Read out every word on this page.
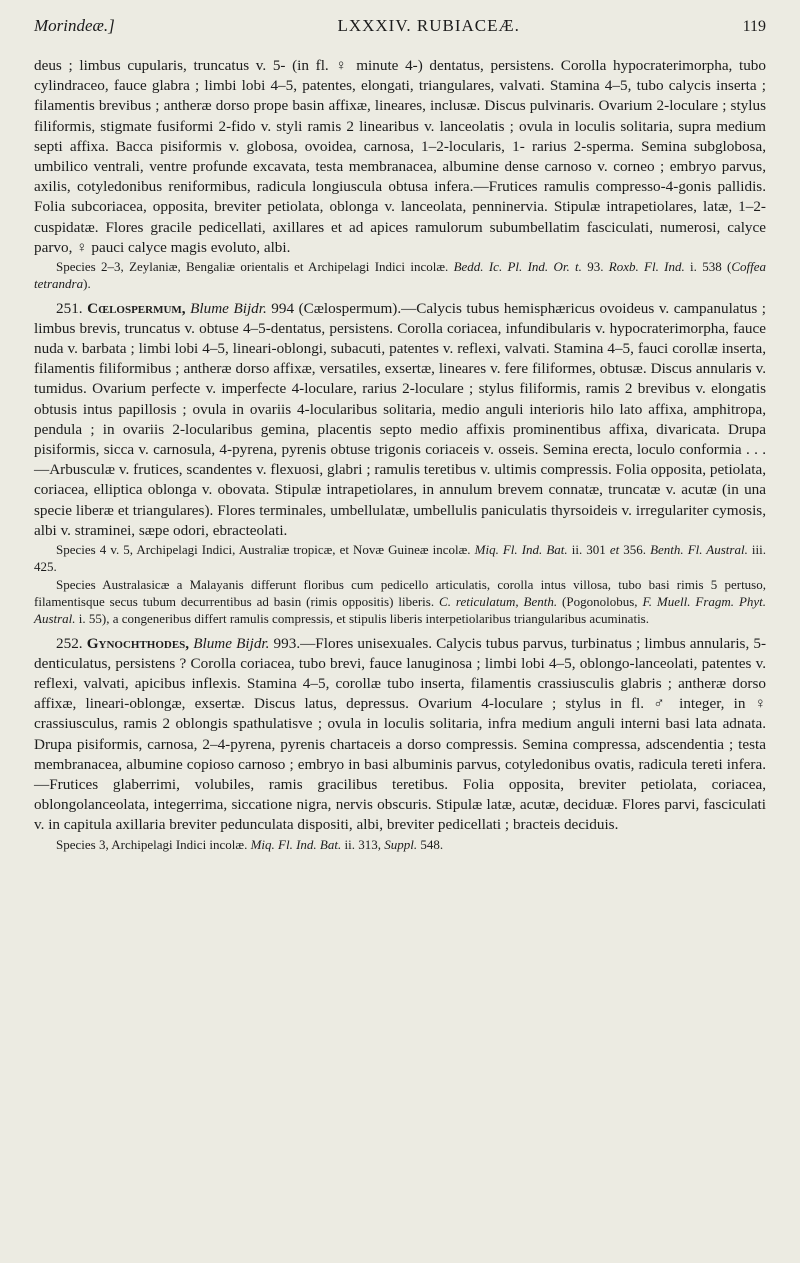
Morindeæ.]	LXXXIV. RUBIACEÆ.	119

deus ; limbus cupularis, truncatus v. 5- (in fl. ♀ minute 4-) dentatus, persistens. Corolla hypocraterimorpha, tubo cylindraceo, fauce glabra ; limbi lobi 4–5, patentes, elongati, triangulares, valvati. Stamina 4–5, tubo calycis inserta ; filamentis brevibus ; antheræ dorso prope basin affixæ, lineares, inclusæ. Discus pulvinaris. Ovarium 2-loculare ; stylus filiformis, stigmate fusiformi 2-fido v. styli ramis 2 linearibus v. lanceolatis ; ovula in loculis solitaria, supra medium septi affixa. Bacca pisiformis v. globosa, ovoidea, carnosa, 1–2-locularis, 1- rarius 2-sperma. Semina subglobosa, umbilico ventrali, ventre profunde excavata, testa membranacea, albumine dense carnoso v. corneo ; embryo parvus, axilis, cotyledonibus reniformibus, radicula longiuscula obtusa infera.—Frutices ramulis compresso-4-gonis pallidis. Folia subcoriacea, opposita, breviter petiolata, oblonga v. lanceolata, penninervia. Stipulæ intrapetiolares, latæ, 1–2-cuspidatæ. Flores gracile pedicellati, axillares et ad apices ramulorum subumbellatim fasciculati, numerosi, calyce parvo, ♀ pauci calyce magis evoluto, albi.

Species 2–3, Zeylaniæ, Bengaliæ orientalis et Archipelagi Indici incolæ. Bedd. Ic. Pl. Ind. Or. t. 93. Roxb. Fl. Ind. i. 538 (Coffea tetrandra).

251. Cœlospermum, Blume Bijdr. 994 (Cælospermum).—Calycis tubus hemisphæricus ovoideus v. campanulatus ; limbus brevis, truncatus v. obtuse 4–5-dentatus, persistens. Corolla coriacea, infundibularis v. hypocraterimorpha, fauce nuda v. barbata ; limbi lobi 4–5, lineari-oblongi, subacuti, patentes v. reflexi, valvati. Stamina 4–5, fauci corollæ inserta, filamentis filiformibus ; antheræ dorso affixæ, versatiles, exsertæ, lineares v. fere filiformes, obtusæ. Discus annularis v. tumidus. Ovarium perfecte v. imperfecte 4-loculare, rarius 2-loculare ; stylus filiformis, ramis 2 brevibus v. elongatis obtusis intus papillosis ; ovula in ovariis 4-locularibus solitaria, medio anguli interioris hilo lato affixa, amphitropa, pendula ; in ovariis 2-locularibus gemina, placentis septo medio affixis prominentibus affixa, divaricata. Drupa pisiformis, sicca v. carnosula, 4-pyrena, pyrenis obtuse trigonis coriaceis v. osseis. Semina erecta, loculo conformia . . .—Arbusculæ v. frutices, scandentes v. flexuosi, glabri ; ramulis teretibus v. ultimis compressis. Folia opposita, petiolata, coriacea, elliptica oblonga v. obovata. Stipulæ intrapetiolares, in annulum brevem connatæ, truncatæ v. acutæ (in una specie liberæ et triangulares). Flores terminales, umbellulatæ, umbellulis paniculatis thyrsoideis v. irregulariter cymosis, albi v. straminei, sæpe odori, ebracteolati.

Species 4 v. 5, Archipelagi Indici, Australiæ tropicæ, et Novæ Guineæ incolæ. Miq. Fl. Ind. Bat. ii. 301 et 356. Benth. Fl. Austral. iii. 425.

Species Australasicæ a Malayanis differunt floribus cum pedicello articulatis, corolla intus villosa, tubo basi rimis 5 pertuso, filamentisque secus tubum decurrentibus ad basin (rimis oppositis) liberis. C. reticulatum, Benth. (Pogonolobus, F. Muell. Fragm. Phyt. Austral. i. 55), a congeneribus differt ramulis compressis, et stipulis liberis interpetiolaribus triangularibus acuminatis.

252. Gynochthodes, Blume Bijdr. 993.—Flores unisexuales. Calycis tubus parvus, turbinatus ; limbus annularis, 5-denticulatus, persistens ? Corolla coriacea, tubo brevi, fauce lanuginosa ; limbi lobi 4–5, oblongo-lanceolati, patentes v. reflexi, valvati, apicibus inflexis. Stamina 4–5, corollæ tubo inserta, filamentis crassiusculis glabris ; antheræ dorso affixæ, lineari-oblongæ, exsertæ. Discus latus, depressus. Ovarium 4-loculare ; stylus in fl. ♂ integer, in ♀ crassiusculus, ramis 2 oblongis spathulatisve ; ovula in loculis solitaria, infra medium anguli interni basi lata adnata. Drupa pisiformis, carnosa, 2–4-pyrena, pyrenis chartaceis a dorso compressis. Semina compressa, adscendentia ; testa membranacea, albumine copioso carnoso ; embryo in basi albuminis parvus, cotyledonibus ovatis, radicula tereti infera.—Frutices glaberrimi, volubiles, ramis gracilibus teretibus. Folia opposita, breviter petiolata, coriacea, oblongolanceolata, integerrima, siccatione nigra, nervis obscuris. Stipulæ latæ, acutæ, deciduæ. Flores parvi, fasciculati v. in capitula axillaria breviter pedunculata dispositi, albi, breviter pedicellati ; bracteis deciduis.

Species 3, Archipelagi Indici incolæ. Miq. Fl. Ind. Bat. ii. 313, Suppl. 548.
